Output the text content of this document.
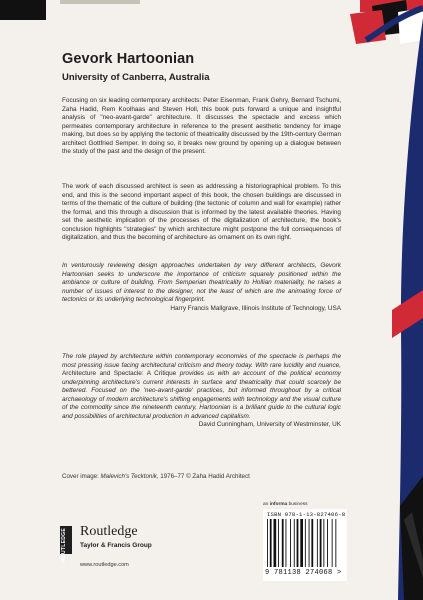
Gevork Hartoonian
University of Canberra, Australia

Focusing on six leading contemporary architects: Peter Eisenman, Frank Gehry, Bernard Tschumi, Zaha Hadid, Rem Koolhaas and Steven Holl, this book puts forward a unique and insightful analysis of "neo-avant-garde" architecture. It discusses the spectacle and excess which permeates contemporary architecture in reference to the present aesthetic tendency for image making, but does so by applying the tectonic of theatricality discussed by the 19th-century German architect Gottfried Semper. In doing so, it breaks new ground by opening up a dialogue between the study of the past and the design of the present.

The work of each discussed architect is seen as addressing a historiographical problem. To this end, and this is the second important aspect of this book, the chosen buildings are discussed in terms of the thematic of the culture of building (the tectonic of column and wall for example) rather the formal, and this through a discussion that is informed by the latest available theories. Having set the aesthetic implication of the processes of the digitalization of architecture, the book's conclusion highlights "strategies" by which architecture might postpone the full consequences of digitalization, and thus the becoming of architecture as ornament on its own right.

In venturously reviewing design approaches undertaken by very different architects, Gevork Hartoonian seeks to underscore the importance of criticism squarely positioned within the ambiance or culture of building. From Semperian theatricality to Hollian materiality, he raises a number of issues of interest to the designer, not the least of which are the animating force of tectonics or its underlying technological fingerprint.

Harry Francis Mallgrave, Illinois Institute of Technology, USA

The role played by architecture within contemporary economies of the spectacle is perhaps the most pressing issue facing architectural criticism and theory today. With rare lucidity and nuance, Architecture and Spectacle: A Critique provides us with an account of the political economy underpinning architecture's current interests in surface and theatricality that could scarcely be bettered. Focused on the 'neo-avant-garde' practices, but informed throughout by a critical archaeology of modern architecture's shifting engagements with technology and the visual culture of the commodity since the nineteenth century, Hartoonian is a brilliant guide to the cultural logic and possibilities of architectural production in advanced capitalism.

David Cunningham, University of Westminster, UK

Cover image: Malevich's Tecktonik, 1976–77 © Zaha Hadid Architect
an informa business
ISBN 978-1-13-827406-8
9 781138 274068 >
ROUTLEDGE Routledge
Taylor & Francis Group
www.routledge.com
